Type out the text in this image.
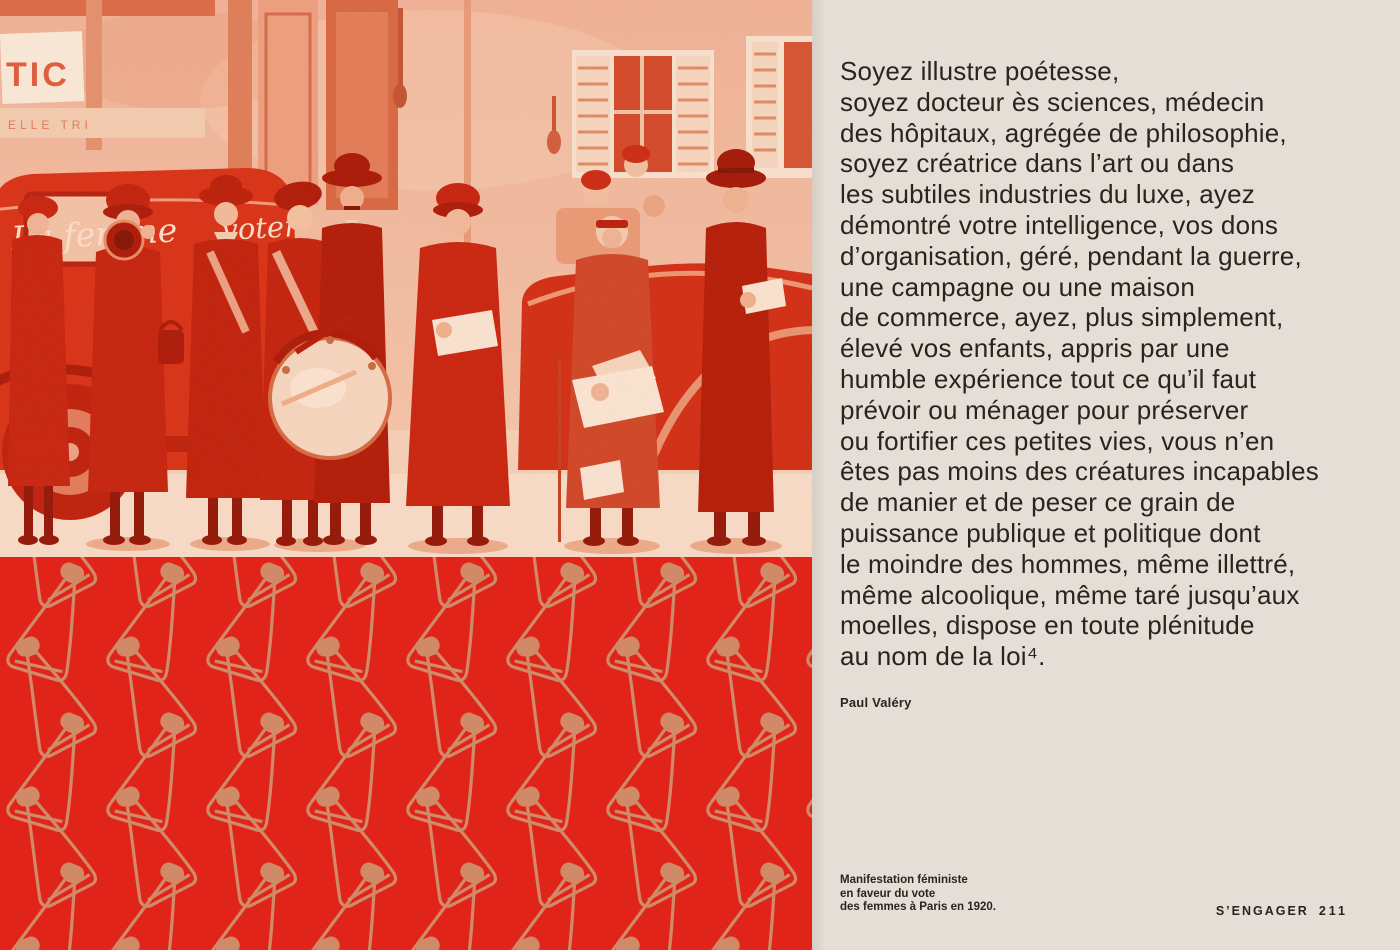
Soyez illustre poétesse,
soyez docteur ès sciences, médecin
des hôpitaux, agrégée de philosophie,
soyez créatrice dans l’art ou dans
les subtiles industries du luxe, ayez
démontré votre intelligence, vos dons
d’organisation, géré, pendant la guerre,
une campagne ou une maison
de commerce, ayez, plus simplement,
élevé vos enfants, appris par une
humble expérience tout ce qu’il faut
prévoir ou ménager pour préserver
ou fortifier ces petites vies, vous n’en
êtes pas moins des créatures incapables
de manier et de peser ce grain de
puissance publique et politique dont
le moindre des hommes, même illettré,
même alcoolique, même taré jusqu’aux
moelles, dispose en toute plénitude
au nom de la loi⁴.
Paul Valéry
Manifestation féministe
en faveur du vote
des femmes à Paris en 1920.	S’ENGAGER 211
